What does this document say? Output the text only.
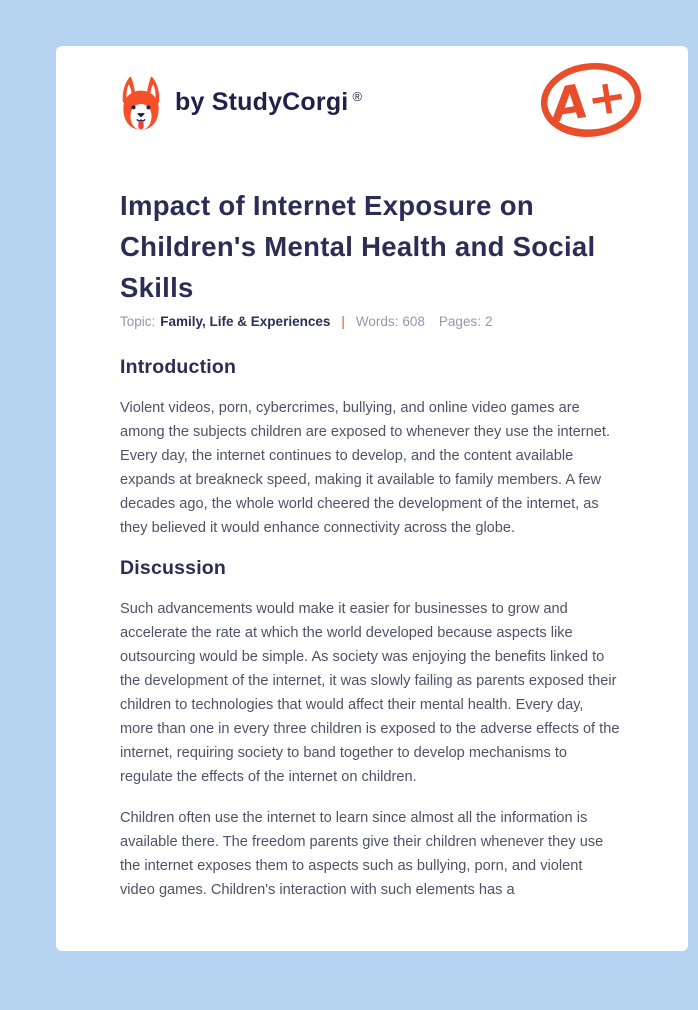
by StudyCorgi ®	A+
Impact of Internet Exposure on Children's Mental Health and Social Skills
Topic: Family, Life & Experiences | Words: 608 Pages: 2
Introduction

Violent videos, porn, cybercrimes, bullying, and online video games are among the subjects children are exposed to whenever they use the internet. Every day, the internet continues to develop, and the content available expands at breakneck speed, making it available to family members. A few decades ago, the whole world cheered the development of the internet, as they believed it would enhance connectivity across the globe.

Discussion

Such advancements would make it easier for businesses to grow and accelerate the rate at which the world developed because aspects like outsourcing would be simple. As society was enjoying the benefits linked to the development of the internet, it was slowly failing as parents exposed their children to technologies that would affect their mental health. Every day, more than one in every three children is exposed to the adverse effects of the internet, requiring society to band together to develop mechanisms to regulate the effects of the internet on children.

Children often use the internet to learn since almost all the information is available there. The freedom parents give their children whenever they use the internet exposes them to aspects such as bullying, porn, and violent video games. Children's interaction with such elements has a
